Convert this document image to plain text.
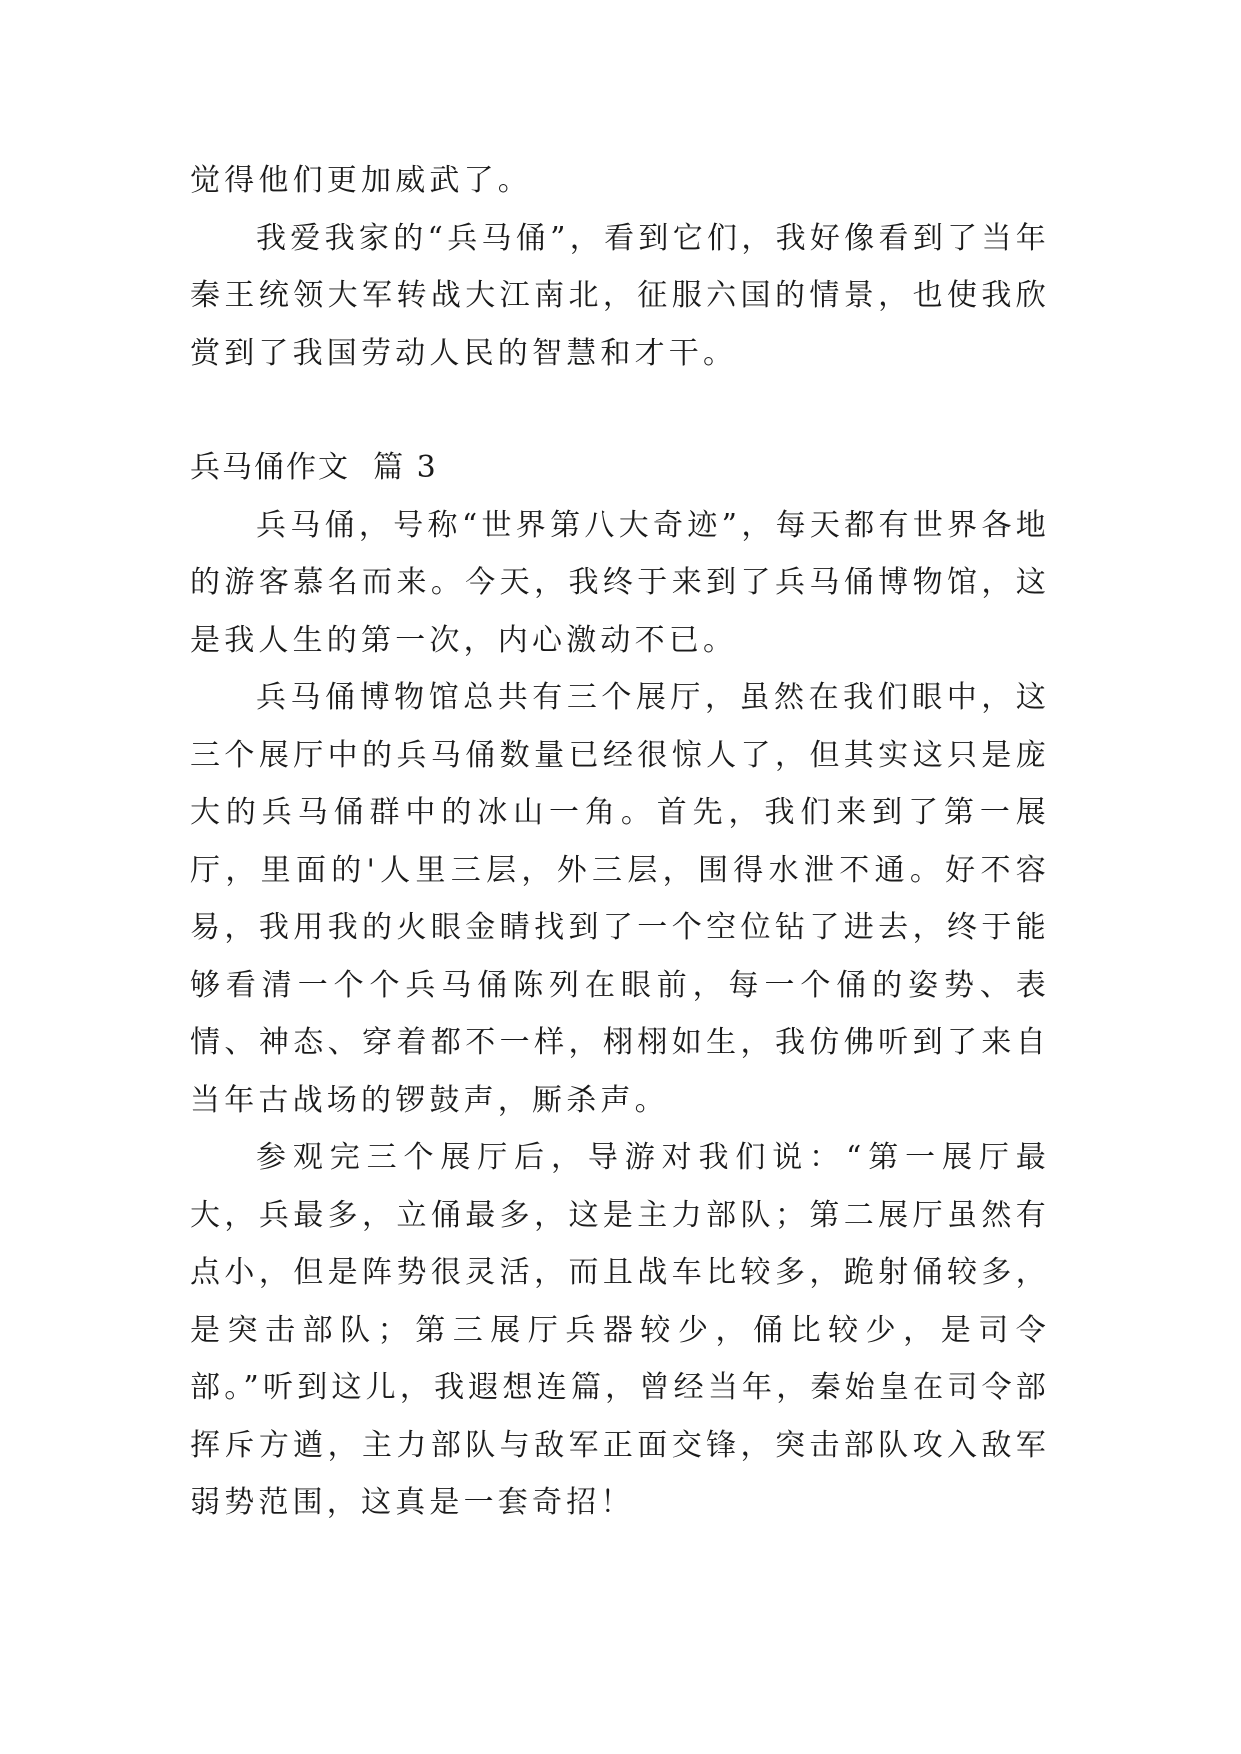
觉得他们更加威武了。

我爱我家的“兵马俑”，看到它们，我好像看到了当年秦王统领大军转战大江南北，征服六国的情景，也使我欣赏到了我国劳动人民的智慧和才干。

兵马俑作文  篇 3

兵马俑，号称“世界第八大奇迹”，每天都有世界各地的游客慕名而来。今天，我终于来到了兵马俑博物馆，这是我人生的第一次，内心激动不已。

兵马俑博物馆总共有三个展厅，虽然在我们眼中，这三个展厅中的兵马俑数量已经很惊人了，但其实这只是庞大的兵马俑群中的冰山一角。首先，我们来到了第一展厅，里面的'人里三层，外三层，围得水泄不通。好不容易，我用我的火眼金睛找到了一个空位钻了进去，终于能够看清一个个兵马俑陈列在眼前，每一个俑的姿势、表情、神态、穿着都不一样，栩栩如生，我仿佛听到了来自当年古战场的锣鼓声，厮杀声。

参观完三个展厅后，导游对我们说：“第一展厅最大，兵最多，立俑最多，这是主力部队；第二展厅虽然有点小，但是阵势很灵活，而且战车比较多，跪射俑较多，是突击部队；第三展厅兵器较少，俑比较少，是司令部。”听到这儿，我遐想连篇，曾经当年，秦始皇在司令部挥斥方遒，主力部队与敌军正面交锋，突击部队攻入敌军弱势范围，这真是一套奇招！
